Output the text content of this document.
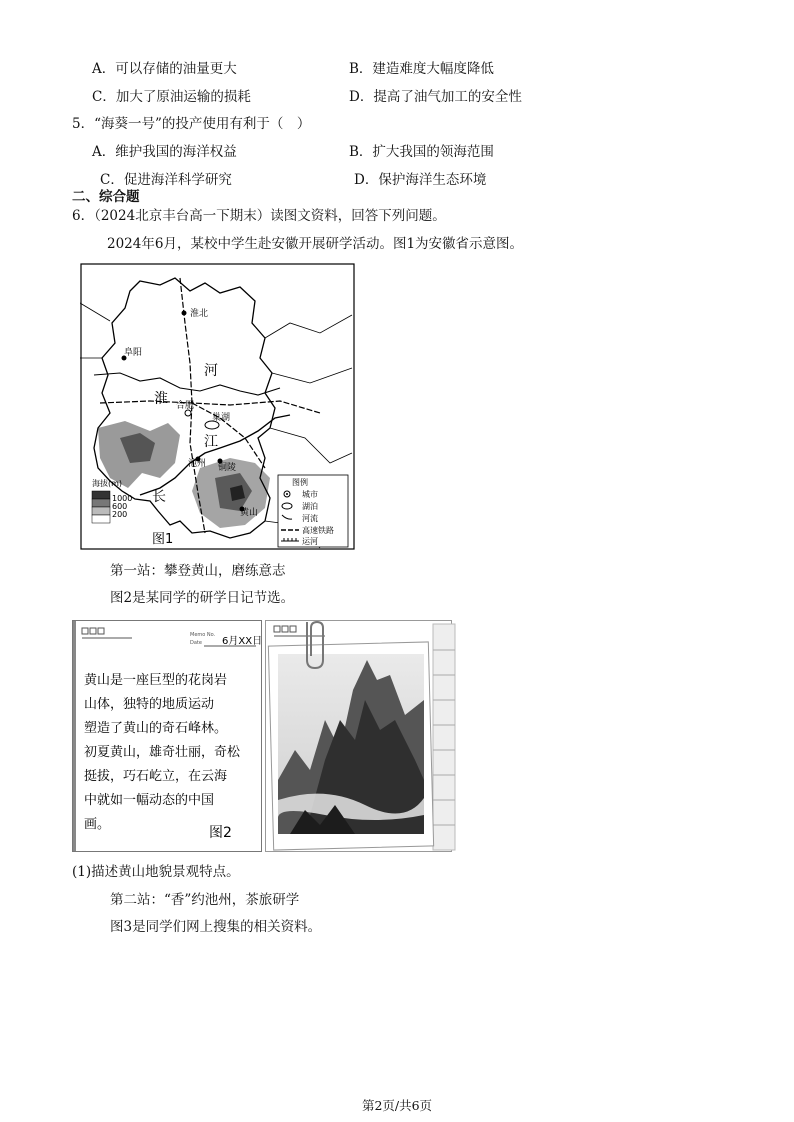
A．可以存储的油量更大	B．建造难度大幅度降低
C．加大了原油运输的损耗	D．提高了油气加工的安全性
5．“海葵一号”的投产使用有利于（　）
A．维护我国的海洋权益	B．扩大我国的领海范围
C．促进海洋科学研究	D．保护海洋生态环境
二、综合题
6．（2024北京丰台高一下期末）读图文资料，回答下列问题。
2024年6月，某校中学生赴安徽开展研学活动。图1为安徽省示意图。
淮北
阜阳
合肥
巢湖
池州 铜陵
黄山
淮
河
长
江
海拔(m)
1000
600
200
图例
城市
湖泊
河流
高速铁路
运河
图1
第一站：攀登黄山，磨练意志
图2是某同学的研学日记节选。
Memo No.
Date 6月XX日
黄山是一座巨型的花岗岩
山体，独特的地质运动
塑造了黄山的奇石峰林。
初夏黄山，雄奇壮丽，奇松
挺拔，巧石屹立，在云海
中就如一幅动态的中国
画。
图2
(1)描述黄山地貌景观特点。
第二站：“香”约池州，茶旅研学
图3是同学们网上搜集的相关资料。
第2页/共6页
